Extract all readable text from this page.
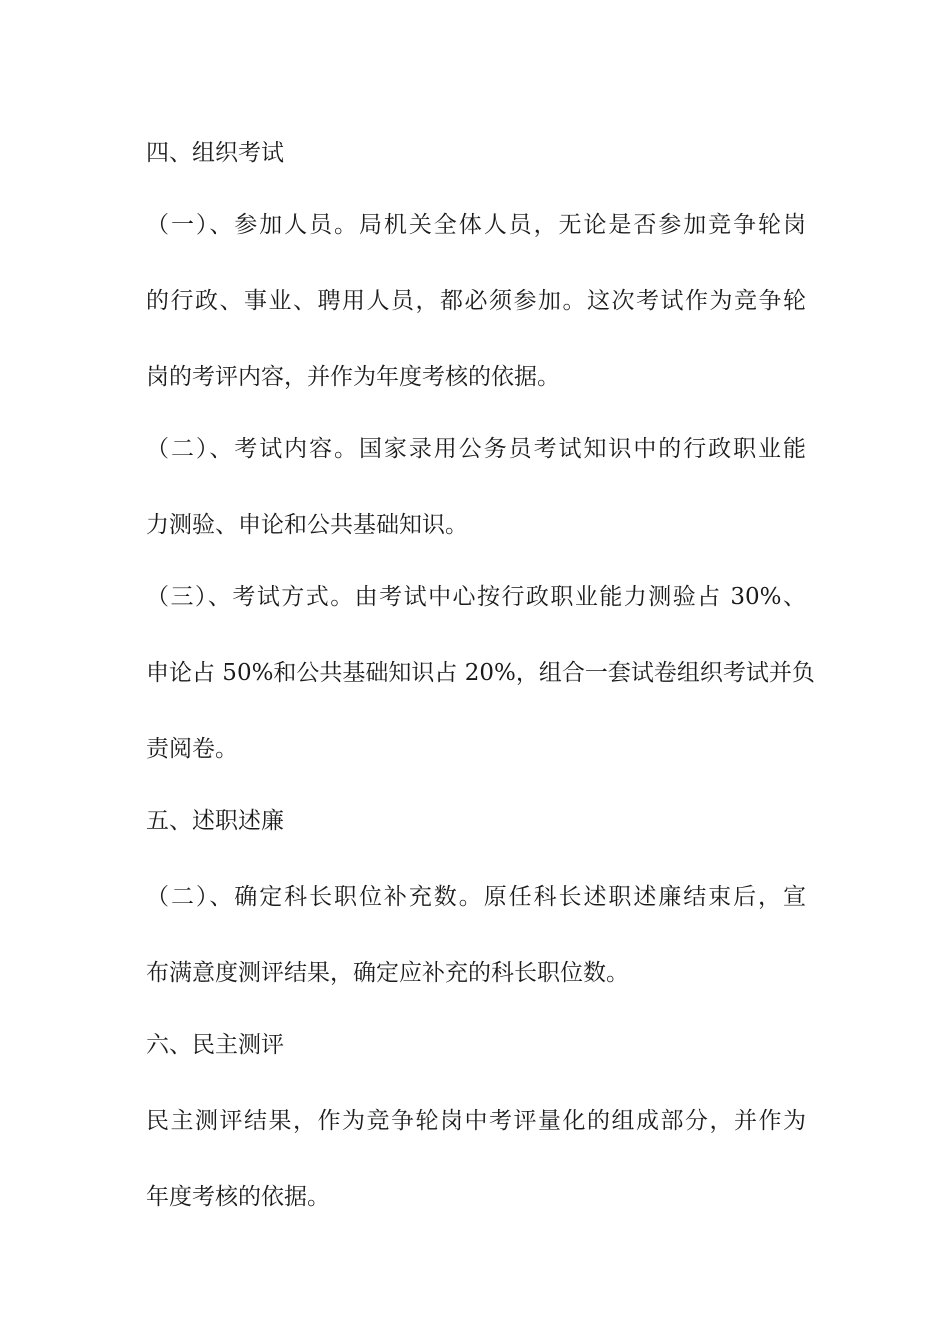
四、组织考试
（一）、参加人员。局机关全体人员，无论是否参加竞争轮岗
的行政、事业、聘用人员，都必须参加。这次考试作为竞争轮
岗的考评内容，并作为年度考核的依据。
（二）、考试内容。国家录用公务员考试知识中的行政职业能
力测验、申论和公共基础知识。
（三）、考试方式。由考试中心按行政职业能力测验占 30%、
申论占 50%和公共基础知识占 20%，组合一套试卷组织考试并负
责阅卷。
五、述职述廉
（二）、确定科长职位补充数。原任科长述职述廉结束后，宣
布满意度测评结果，确定应补充的科长职位数。
六、民主测评
民主测评结果，作为竞争轮岗中考评量化的组成部分，并作为
年度考核的依据。
